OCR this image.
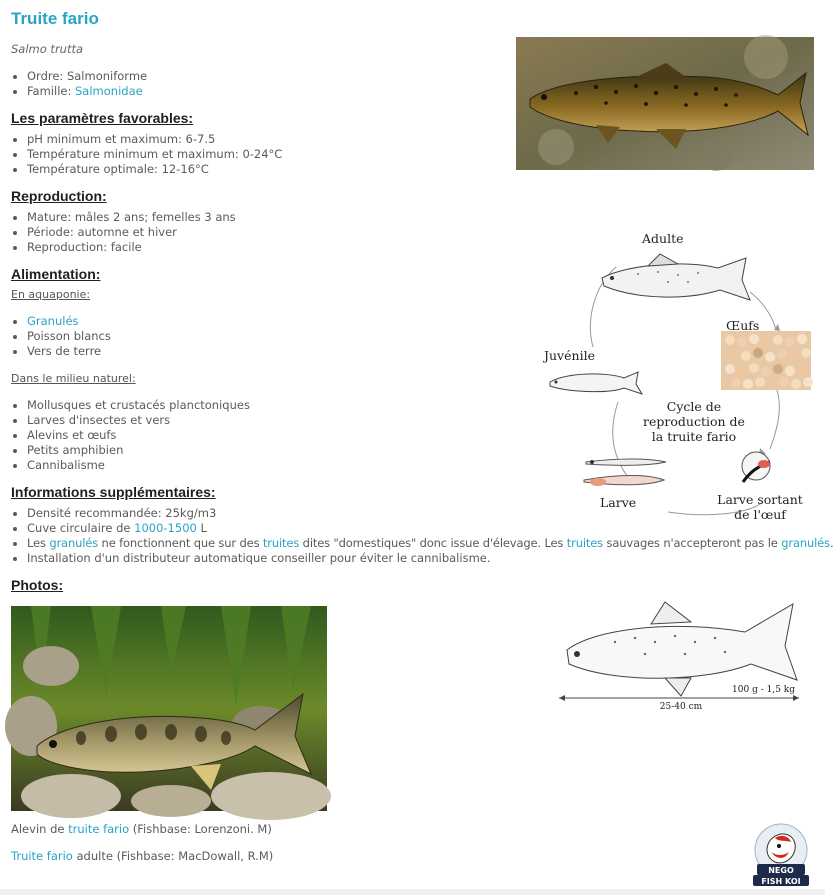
Truite fario
Salmo trutta
• Ordre: Salmoniforme
• Famille: Salmonidae
Les paramètres favorables:
• pH minimum et maximum: 6-7.5
• Température minimum et maximum: 0-24°C
• Température optimale: 12-16°C
Reproduction:
• Mature: mâles 2 ans; femelles 3 ans
• Période: automne et hiver
• Reproduction: facile
Alimentation:
En aquaponie:
• Granulés
• Poisson blancs
• Vers de terre
Dans le milieu naturel:
• Mollusques et crustacés planctoniques
• Larves d'insectes et vers
• Alevins et œufs
• Petits amphibien
• Cannibalisme
Informations supplémentaires:
• Densité recommandée: 25kg/m3
• Cuve circulaire de 1000-1500 L
• Les granulés ne fonctionnent que sur des truites dites "domestiques" donc issue d'élevage. Les truites sauvages n'accepteront pas le granulés
• Installation d'un distributeur automatique conseiller pour éviter le cannibalisme.
Photos:
Adulte
Œufs
Juvénile
Cycle de
reproduction de
la truite fario
Larve	Larve sortant
de l'œuf
100 g - 1,5 kg
25-40 cm
Alevin de truite fario (Fishbase: Lorenzoni. M)
Truite fario adulte (Fishbase: MacDowall, R.M)
NEGO
FISH KOI
